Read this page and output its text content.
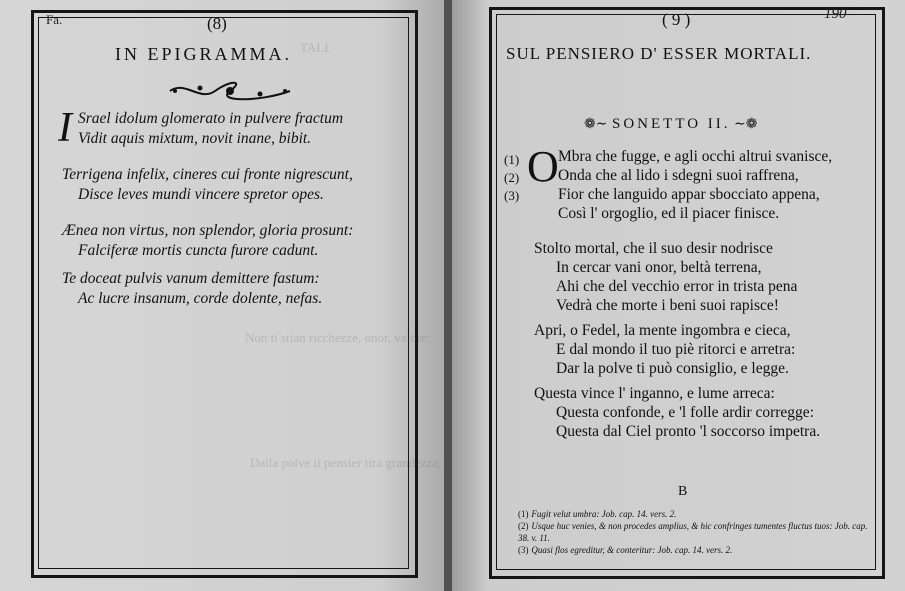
Fa.	(8)
TALI.
Non ti stian ricchezze, onor, valore:
Dalla polve il pensier tira grandezza;
IN EPIGRAMMA.
I Srael idolum glomerato in pulvere fractum
Vidit aquis mixtum, novit inane, bibit.
Terrigena infelix, cineres cui fronte nigrescunt,
Disce leves mundi vincere spretor opes.
Ænea non virtus, non splendor, gloria prosunt:
Falciferæ mortis cuncta furore cadunt.
Te doceat pulvis vanum demittere fastum:
Ac lucre insanum, corde dolente, nefas.
( 9 )	190
SUL PENSIERO D' ESSER MORTALI.
❁∼ SONETTO II. ∼❁
(1)
(2)
(3)
O Mbra che fugge, e agli occhi altrui svanisce,
Onda che al lido i sdegni suoi raffrena,
Fior che languido appar sbocciato appena,
Così l' orgoglio, ed il piacer finisce.
Stolto mortal, che il suo desir nodrisce
In cercar vani onor, beltà terrena,
Ahi che del vecchio error in trista pena
Vedrà che morte i beni suoi rapisce!
Apri, o Fedel, la mente ingombra e cieca,
E dal mondo il tuo piè ritorci e arretra:
Dar la polve ti può consiglio, e legge.
Questa vince l' inganno, e lume arreca:
Questa confonde, e 'l folle ardir corregge:
Questa dal Ciel pronto 'l soccorso impetra.
B
(1) Fugit velut umbra: Job. cap. 14. vers. 2.
(2) Usque huc venies, & non procedes amplius, & hic confringes tumentes fluctus tuos: Job. cap. 38. v. 11.
(3) Quasi flos egreditur, & conteritur: Job. cap. 14. vers. 2.
